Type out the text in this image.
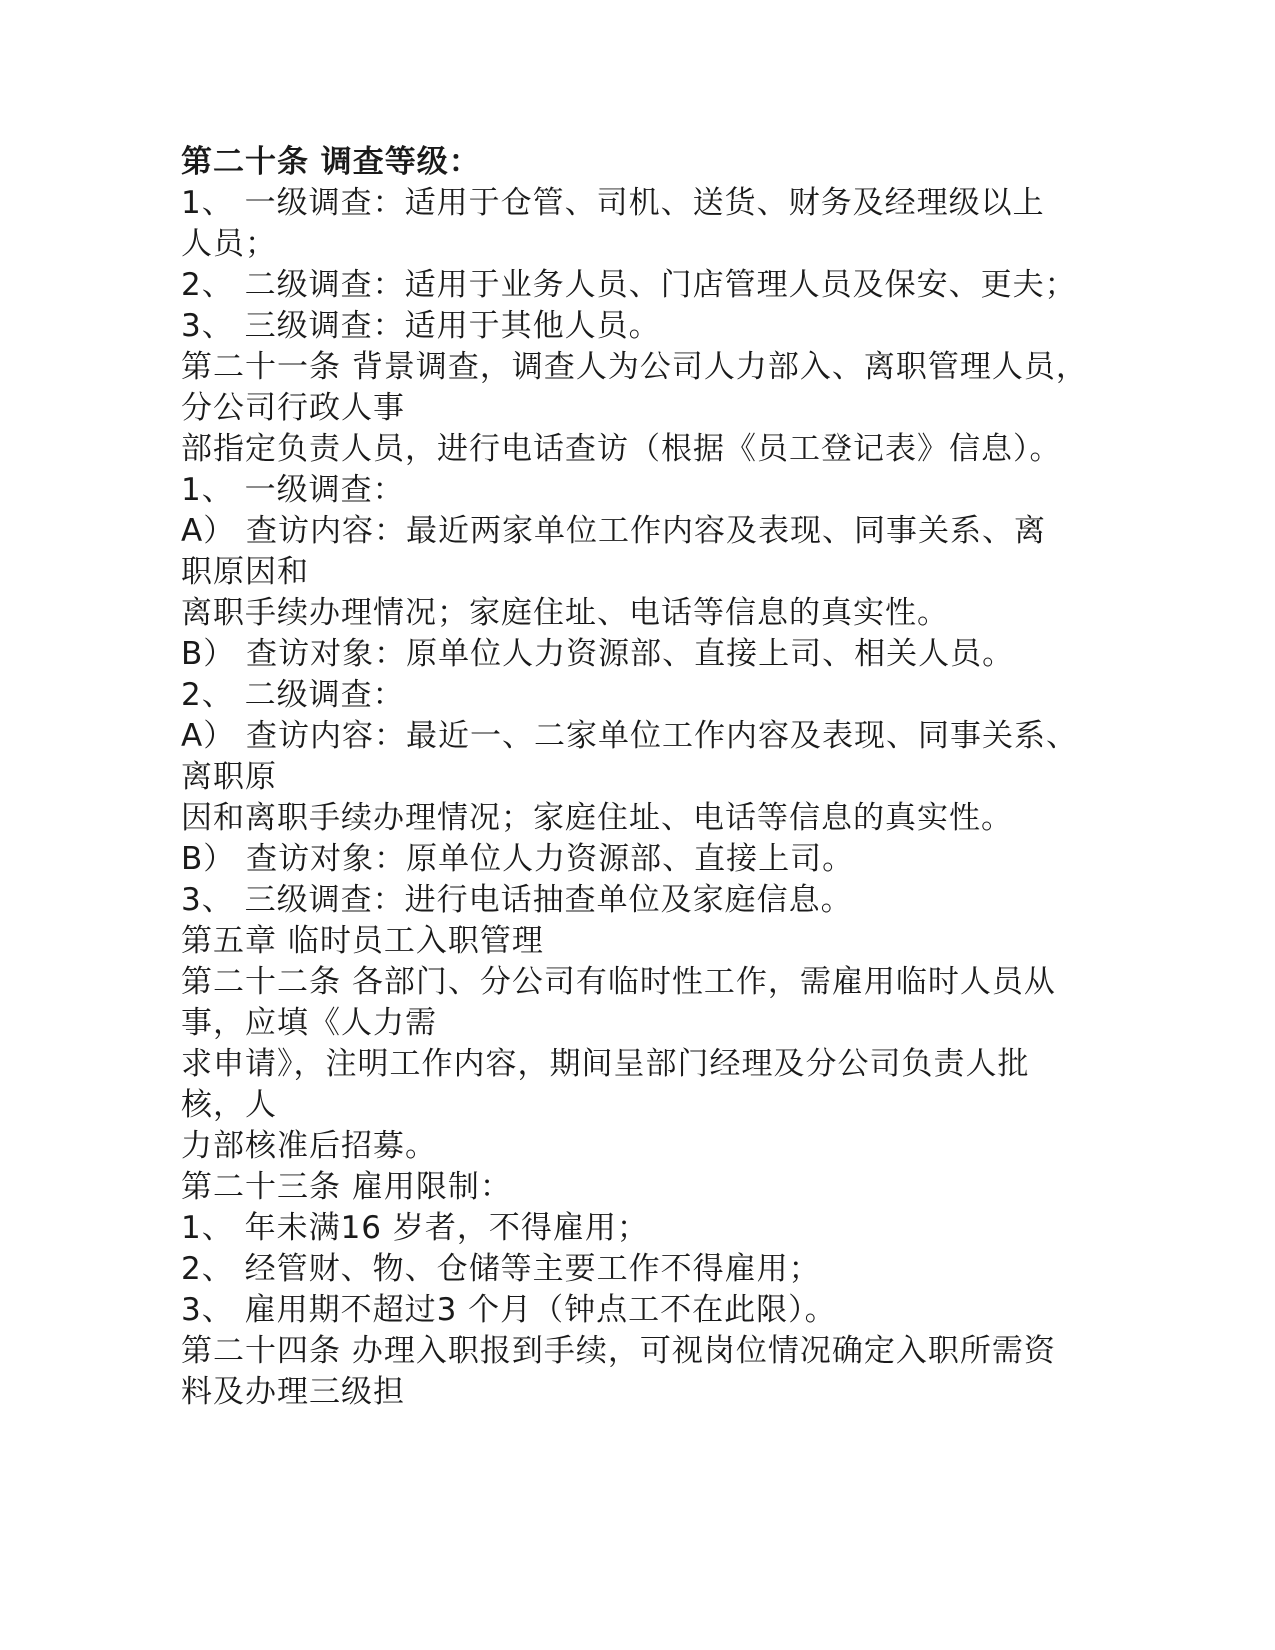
第二十条 调查等级：
1、 一级调查：适用于仓管、司机、送货、财务及经理级以上
人员；
2、 二级调查：适用于业务人员、门店管理人员及保安、更夫；
3、 三级调查：适用于其他人员。
第二十一条 背景调查，调查人为公司人力部入、离职管理人员，
分公司行政人事
部指定负责人员，进行电话查访（根据《员工登记表》信息）。
1、 一级调查：
A） 查访内容：最近两家单位工作内容及表现、同事关系、离
职原因和
离职手续办理情况；家庭住址、电话等信息的真实性。
B） 查访对象：原单位人力资源部、直接上司、相关人员。
2、 二级调查：
A） 查访内容：最近一、二家单位工作内容及表现、同事关系、
离职原
因和离职手续办理情况；家庭住址、电话等信息的真实性。
B） 查访对象：原单位人力资源部、直接上司。
3、 三级调查：进行电话抽查单位及家庭信息。
第五章 临时员工入职管理
第二十二条 各部门、分公司有临时性工作，需雇用临时人员从
事，应填《人力需
求申请》，注明工作内容，期间呈部门经理及分公司负责人批
核，人
力部核准后招募。
第二十三条 雇用限制：
1、 年未满16 岁者，不得雇用；
2、 经管财、物、仓储等主要工作不得雇用；
3、 雇用期不超过3 个月（钟点工不在此限）。
第二十四条 办理入职报到手续，可视岗位情况确定入职所需资
料及办理三级担
